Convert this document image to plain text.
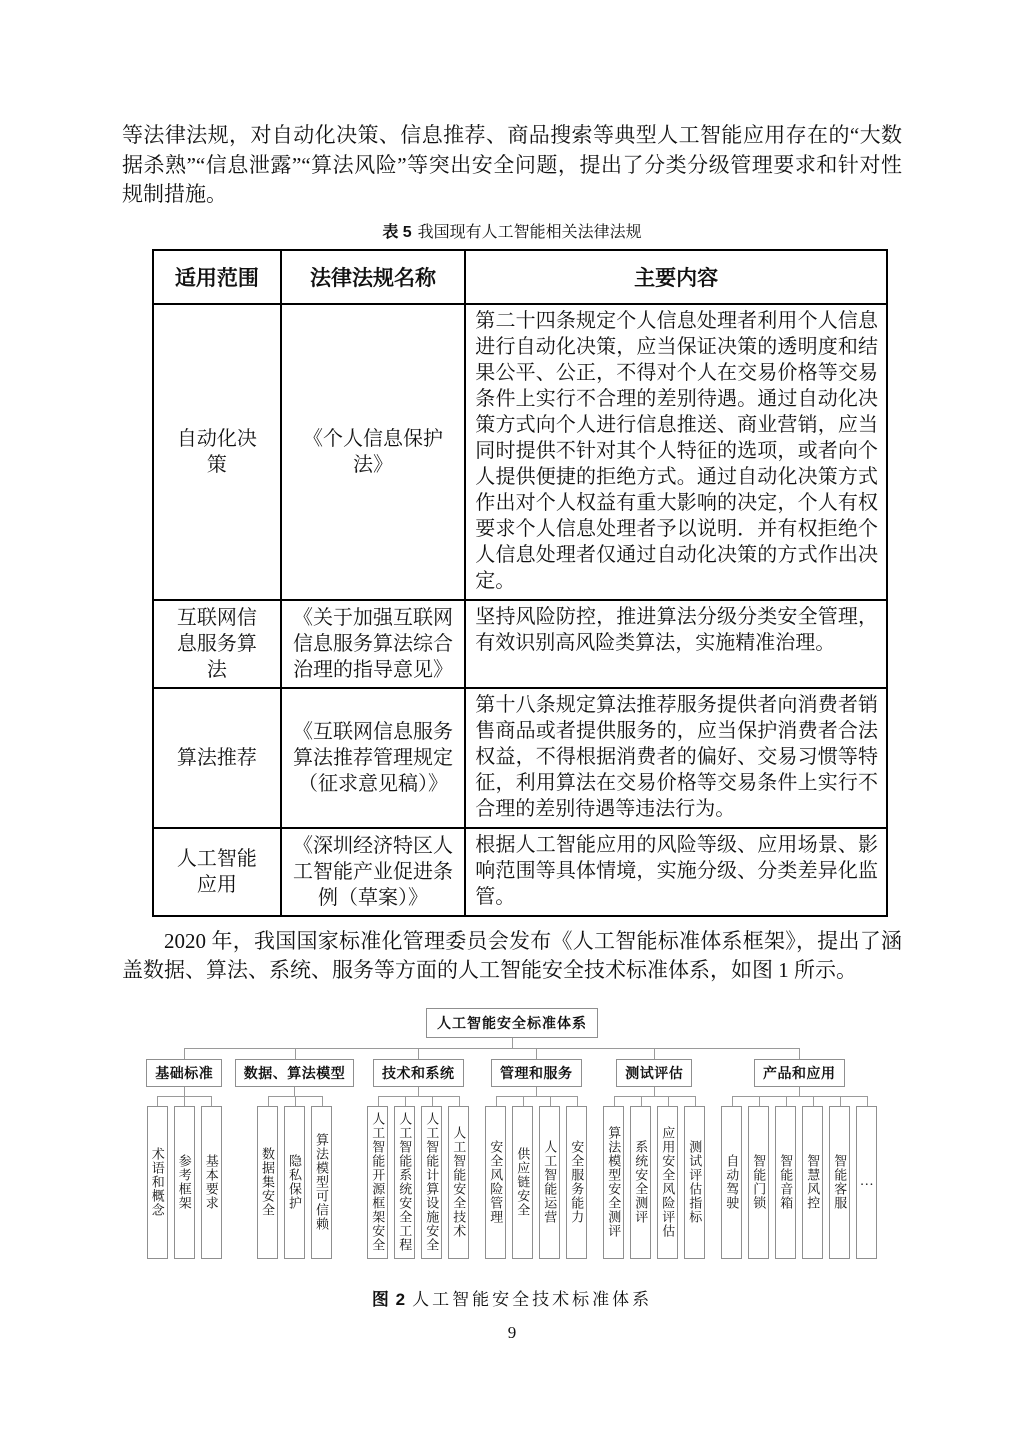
等法律法规，对自动化决策、信息推荐、商品搜索等典型人工智能应用存在的“大数据杀熟”“信息泄露”“算法风险”等突出安全问题，提出了分类分级管理要求和针对性规制措施。

表 5 我国现有人工智能相关法律法规
适用范围	法律法规名称	主要内容
自动化决策	《个人信息保护法》	第二十四条规定个人信息处理者利用个人信息进行自动化决策，应当保证决策的透明度和结果公平、公正，不得对个人在交易价格等交易条件上实行不合理的差别待遇。通过自动化决策方式向个人进行信息推送、商业营销，应当同时提供不针对其个人特征的选项，或者向个人提供便捷的拒绝方式。通过自动化决策方式作出对个人权益有重大影响的决定，个人有权要求个人信息处理者予以说明．并有权拒绝个人信息处理者仅通过自动化决策的方式作出决定。
互联网信息服务算法	《关于加强互联网信息服务算法综合治理的指导意见》	坚持风险防控，推进算法分级分类安全管理，有效识别高风险类算法，实施精准治理。
算法推荐	《互联网信息服务算法推荐管理规定（征求意见稿）》	第十八条规定算法推荐服务提供者向消费者销售商品或者提供服务的，应当保护消费者合法权益，不得根据消费者的偏好、交易习惯等特征，利用算法在交易价格等交易条件上实行不合理的差别待遇等违法行为。
人工智能应用	《深圳经济特区人工智能产业促进条例（草案）》	根据人工智能应用的风险等级、应用场景、影响范围等具体情境，实施分级、分类差异化监管。

2020 年，我国国家标准化管理委员会发布《人工智能标准体系框架》，提出了涵盖数据、算法、系统、服务等方面的人工智能安全技术标准体系，如图 1 所示。

人工智能安全标准体系
基础标准
术语和概念 参考框架 基本要求
数据、算法模型
数据集安全 隐私保护 算法模型可信赖
技术和系统
人工智能开源框架安全 人工智能系统安全工程 人工智能计算设施安全 人工智能安全技术
管理和服务
安全风险管理 供应链安全 人工智能运营 安全服务能力
测试评估
算法模型安全测评 系统安全测评 应用安全风险评估 测试评估指标
产品和应用
自动驾驶 智能门锁 智能音箱 智慧风控 智能客服 …
图 2 人工智能安全技术标准体系
9
